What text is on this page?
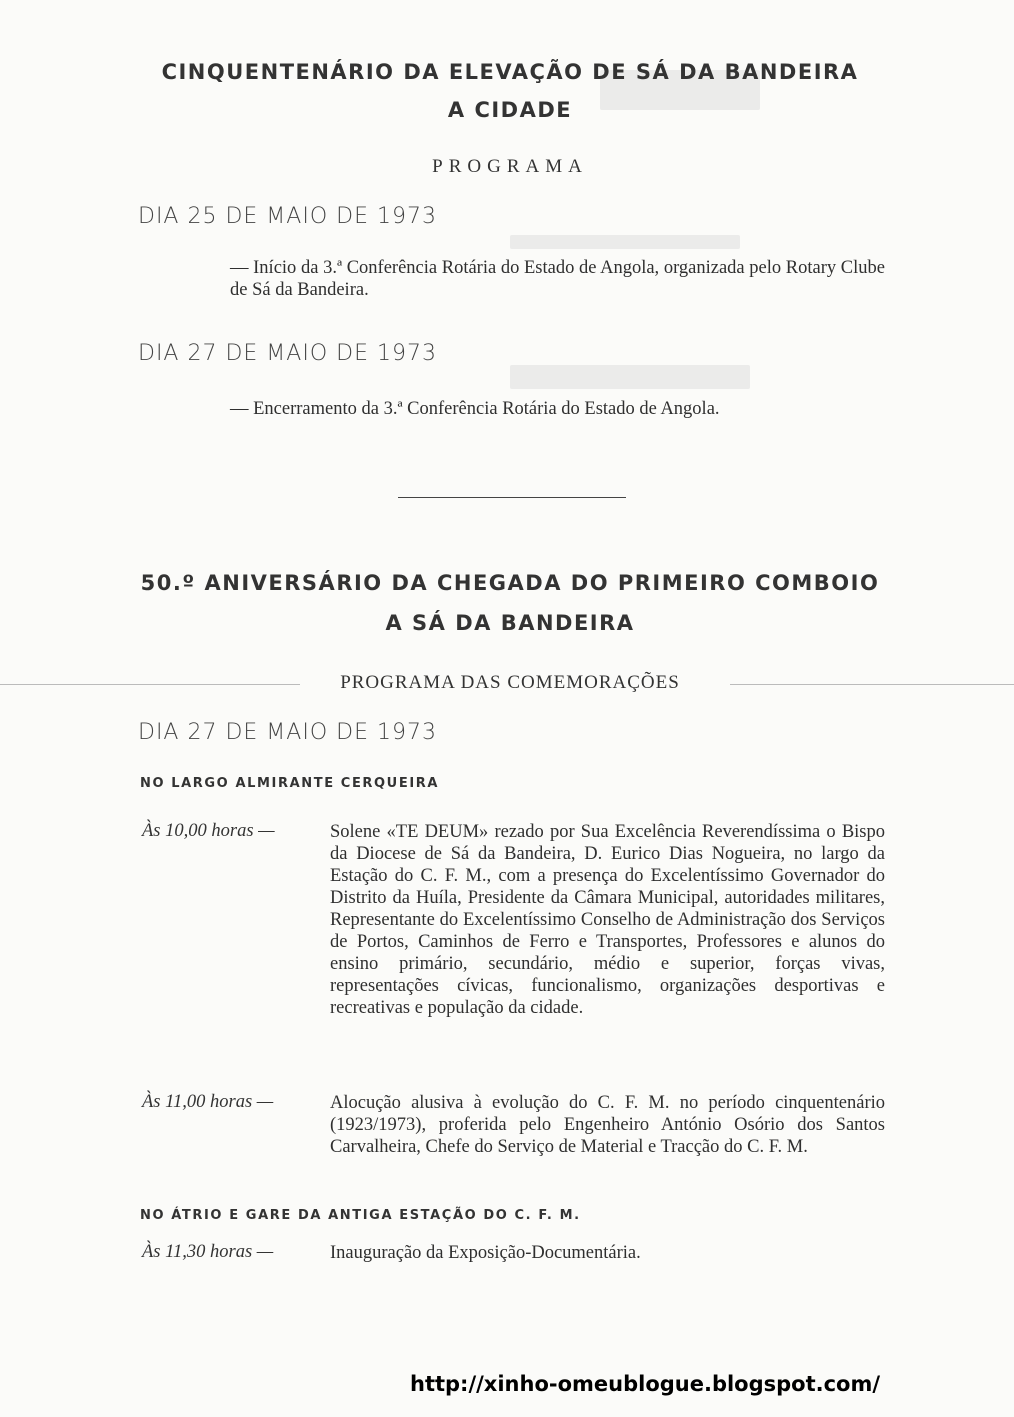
CINQUENTENÁRIO DA ELEVAÇÃO DE SÁ DA BANDEIRA
A CIDADE
PROGRAMA
DIA 25 DE MAIO DE 1973
— Início da 3.ª Conferência Rotária do Estado de Angola, organizada pelo Rotary Clube de Sá da Bandeira.
DIA 27 DE MAIO DE 1973
— Encerramento da 3.ª Conferência Rotária do Estado de Angola.
50.º ANIVERSÁRIO DA CHEGADA DO PRIMEIRO COMBOIO
A SÁ DA BANDEIRA
PROGRAMA DAS COMEMORAÇÕES
DIA 27 DE MAIO DE 1973
NO LARGO ALMIRANTE CERQUEIRA
Às 10,00 horas —	Solene «TE DEUM» rezado por Sua Excelência Reverendíssima o Bispo da Diocese de Sá da Bandeira, D. Eurico Dias Nogueira, no largo da Estação do C. F. M., com a presença do Excelentíssimo Governador do Distrito da Huíla, Presidente da Câmara Municipal, autoridades militares, Representante do Excelentíssimo Conselho de Administração dos Serviços de Portos, Caminhos de Ferro e Transportes, Professores e alunos do ensino primário, secundário, médio e superior, forças vivas, representações cívicas, funcionalismo, organizações desportivas e recreativas e população da cidade.
Às 11,00 horas —	Alocução alusiva à evolução do C. F. M. no período cinquentenário (1923/1973), proferida pelo Engenheiro António Osório dos Santos Carvalheira, Chefe do Serviço de Material e Tracção do C. F. M.
NO ÁTRIO E GARE DA ANTIGA ESTAÇÃO DO C. F. M.
Às 11,30 horas —	Inauguração da Exposição-Documentária.
http://xinho-omeublogue.blogspot.com/
